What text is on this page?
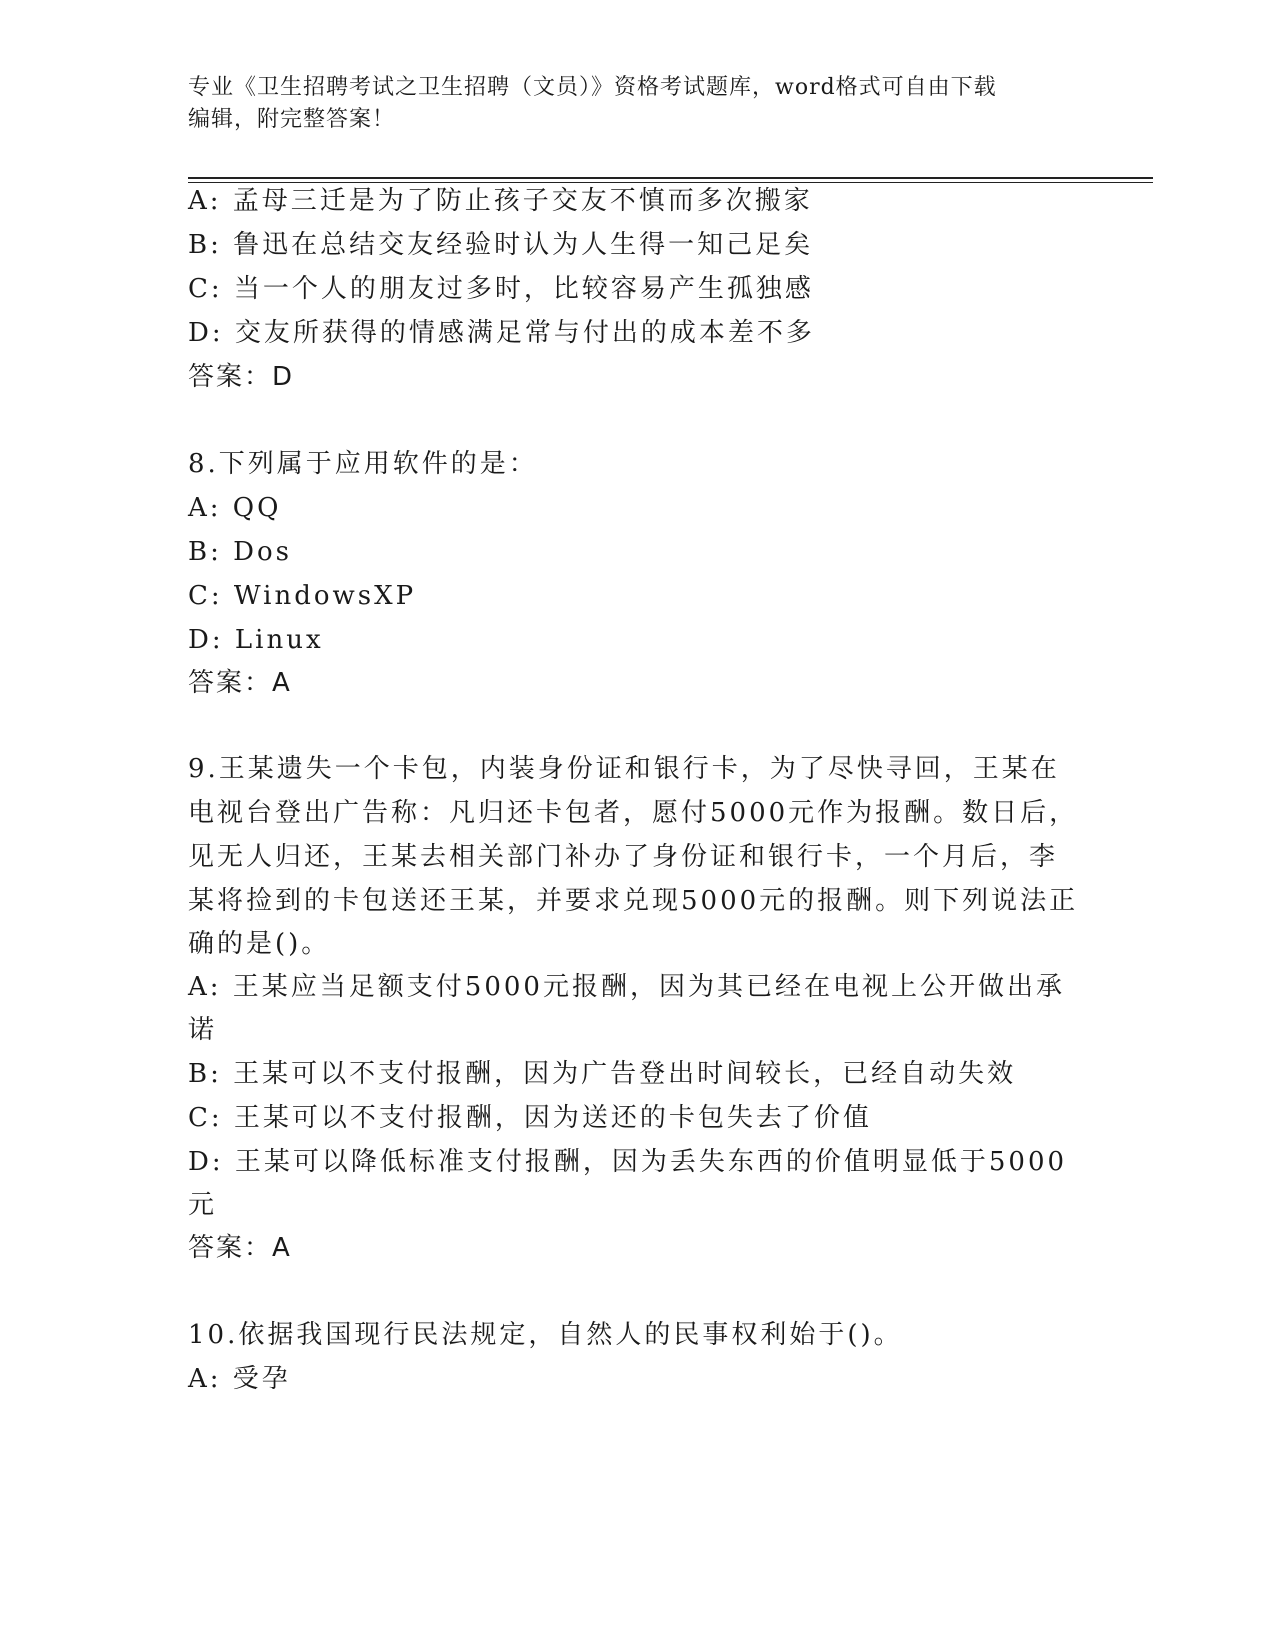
专业《卫生招聘考试之卫生招聘（文员）》资格考试题库，word格式可自由下载
编辑，附完整答案！
A: 孟母三迁是为了防止孩子交友不慎而多次搬家
B: 鲁迅在总结交友经验时认为人生得一知己足矣
C: 当一个人的朋友过多时，比较容易产生孤独感
D: 交友所获得的情感满足常与付出的成本差不多
答案：D
8.下列属于应用软件的是：
A: QQ
B: Dos
C: WindowsXP
D: Linux
答案：A
9.王某遗失一个卡包，内装身份证和银行卡，为了尽快寻回，王某在
电视台登出广告称：凡归还卡包者，愿付5000元作为报酬。数日后，
见无人归还，王某去相关部门补办了身份证和银行卡，一个月后，李
某将捡到的卡包送还王某，并要求兑现5000元的报酬。则下列说法正
确的是()。
A: 王某应当足额支付5000元报酬，因为其已经在电视上公开做出承
诺
B: 王某可以不支付报酬，因为广告登出时间较长，已经自动失效
C: 王某可以不支付报酬，因为送还的卡包失去了价值
D: 王某可以降低标准支付报酬，因为丢失东西的价值明显低于5000
元
答案：A
10.依据我国现行民法规定，自然人的民事权利始于()。
A: 受孕
